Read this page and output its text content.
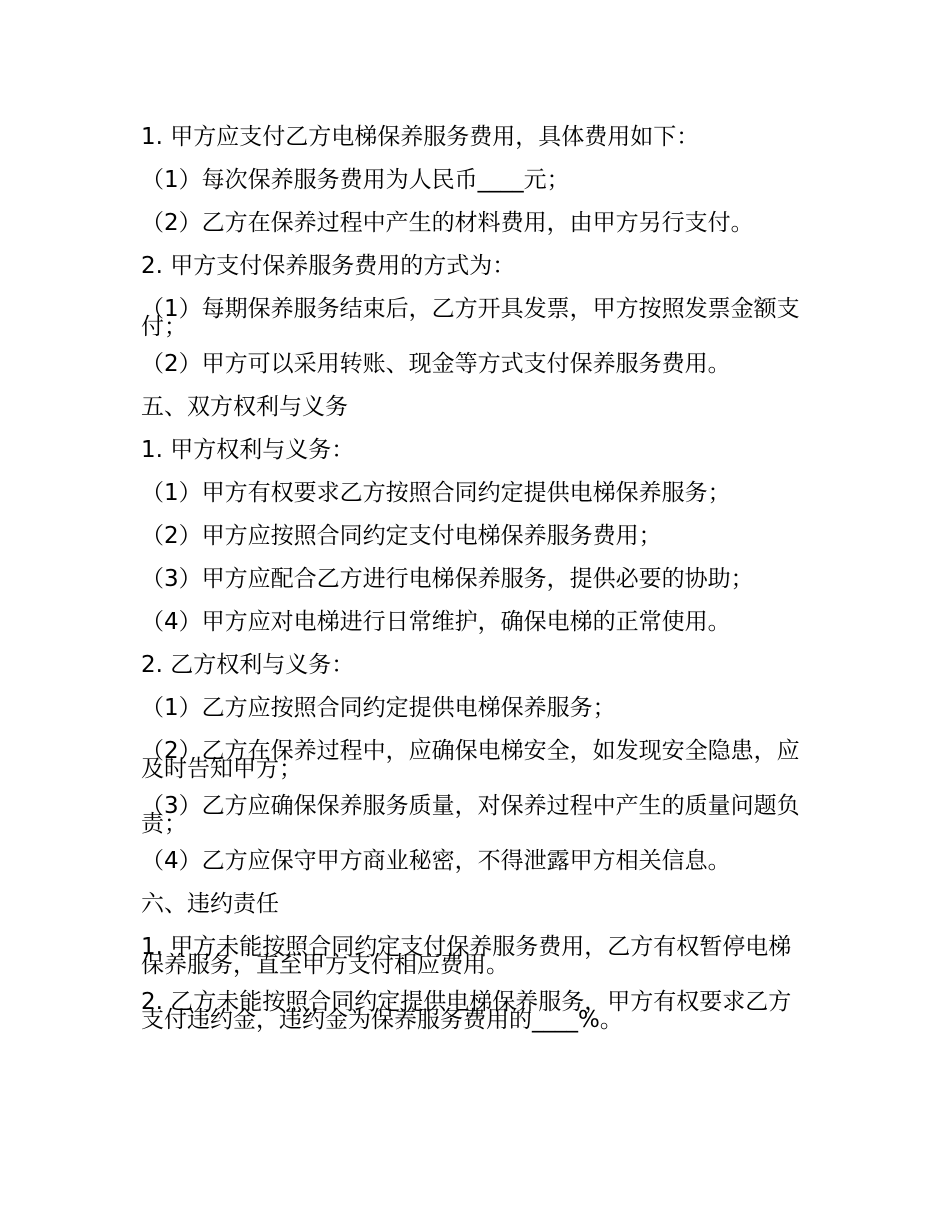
1. 甲方应支付乙方电梯保养服务费用，具体费用如下：

（1）每次保养服务费用为人民币____元；

（2）乙方在保养过程中产生的材料费用，由甲方另行支付。

2. 甲方支付保养服务费用的方式为：

（1）每期保养服务结束后，乙方开具发票，甲方按照发票金额支付；

（2）甲方可以采用转账、现金等方式支付保养服务费用。

五、双方权利与义务

1. 甲方权利与义务：

（1）甲方有权要求乙方按照合同约定提供电梯保养服务；

（2）甲方应按照合同约定支付电梯保养服务费用；

（3）甲方应配合乙方进行电梯保养服务，提供必要的协助；

（4）甲方应对电梯进行日常维护，确保电梯的正常使用。

2. 乙方权利与义务：

（1）乙方应按照合同约定提供电梯保养服务；

（2）乙方在保养过程中，应确保电梯安全，如发现安全隐患，应及时告知甲方；

（3）乙方应确保保养服务质量，对保养过程中产生的质量问题负责；

（4）乙方应保守甲方商业秘密，不得泄露甲方相关信息。

六、违约责任

1. 甲方未能按照合同约定支付保养服务费用，乙方有权暂停电梯保养服务，直至甲方支付相应费用。

2. 乙方未能按照合同约定提供电梯保养服务，甲方有权要求乙方支付违约金，违约金为保养服务费用的____%。
